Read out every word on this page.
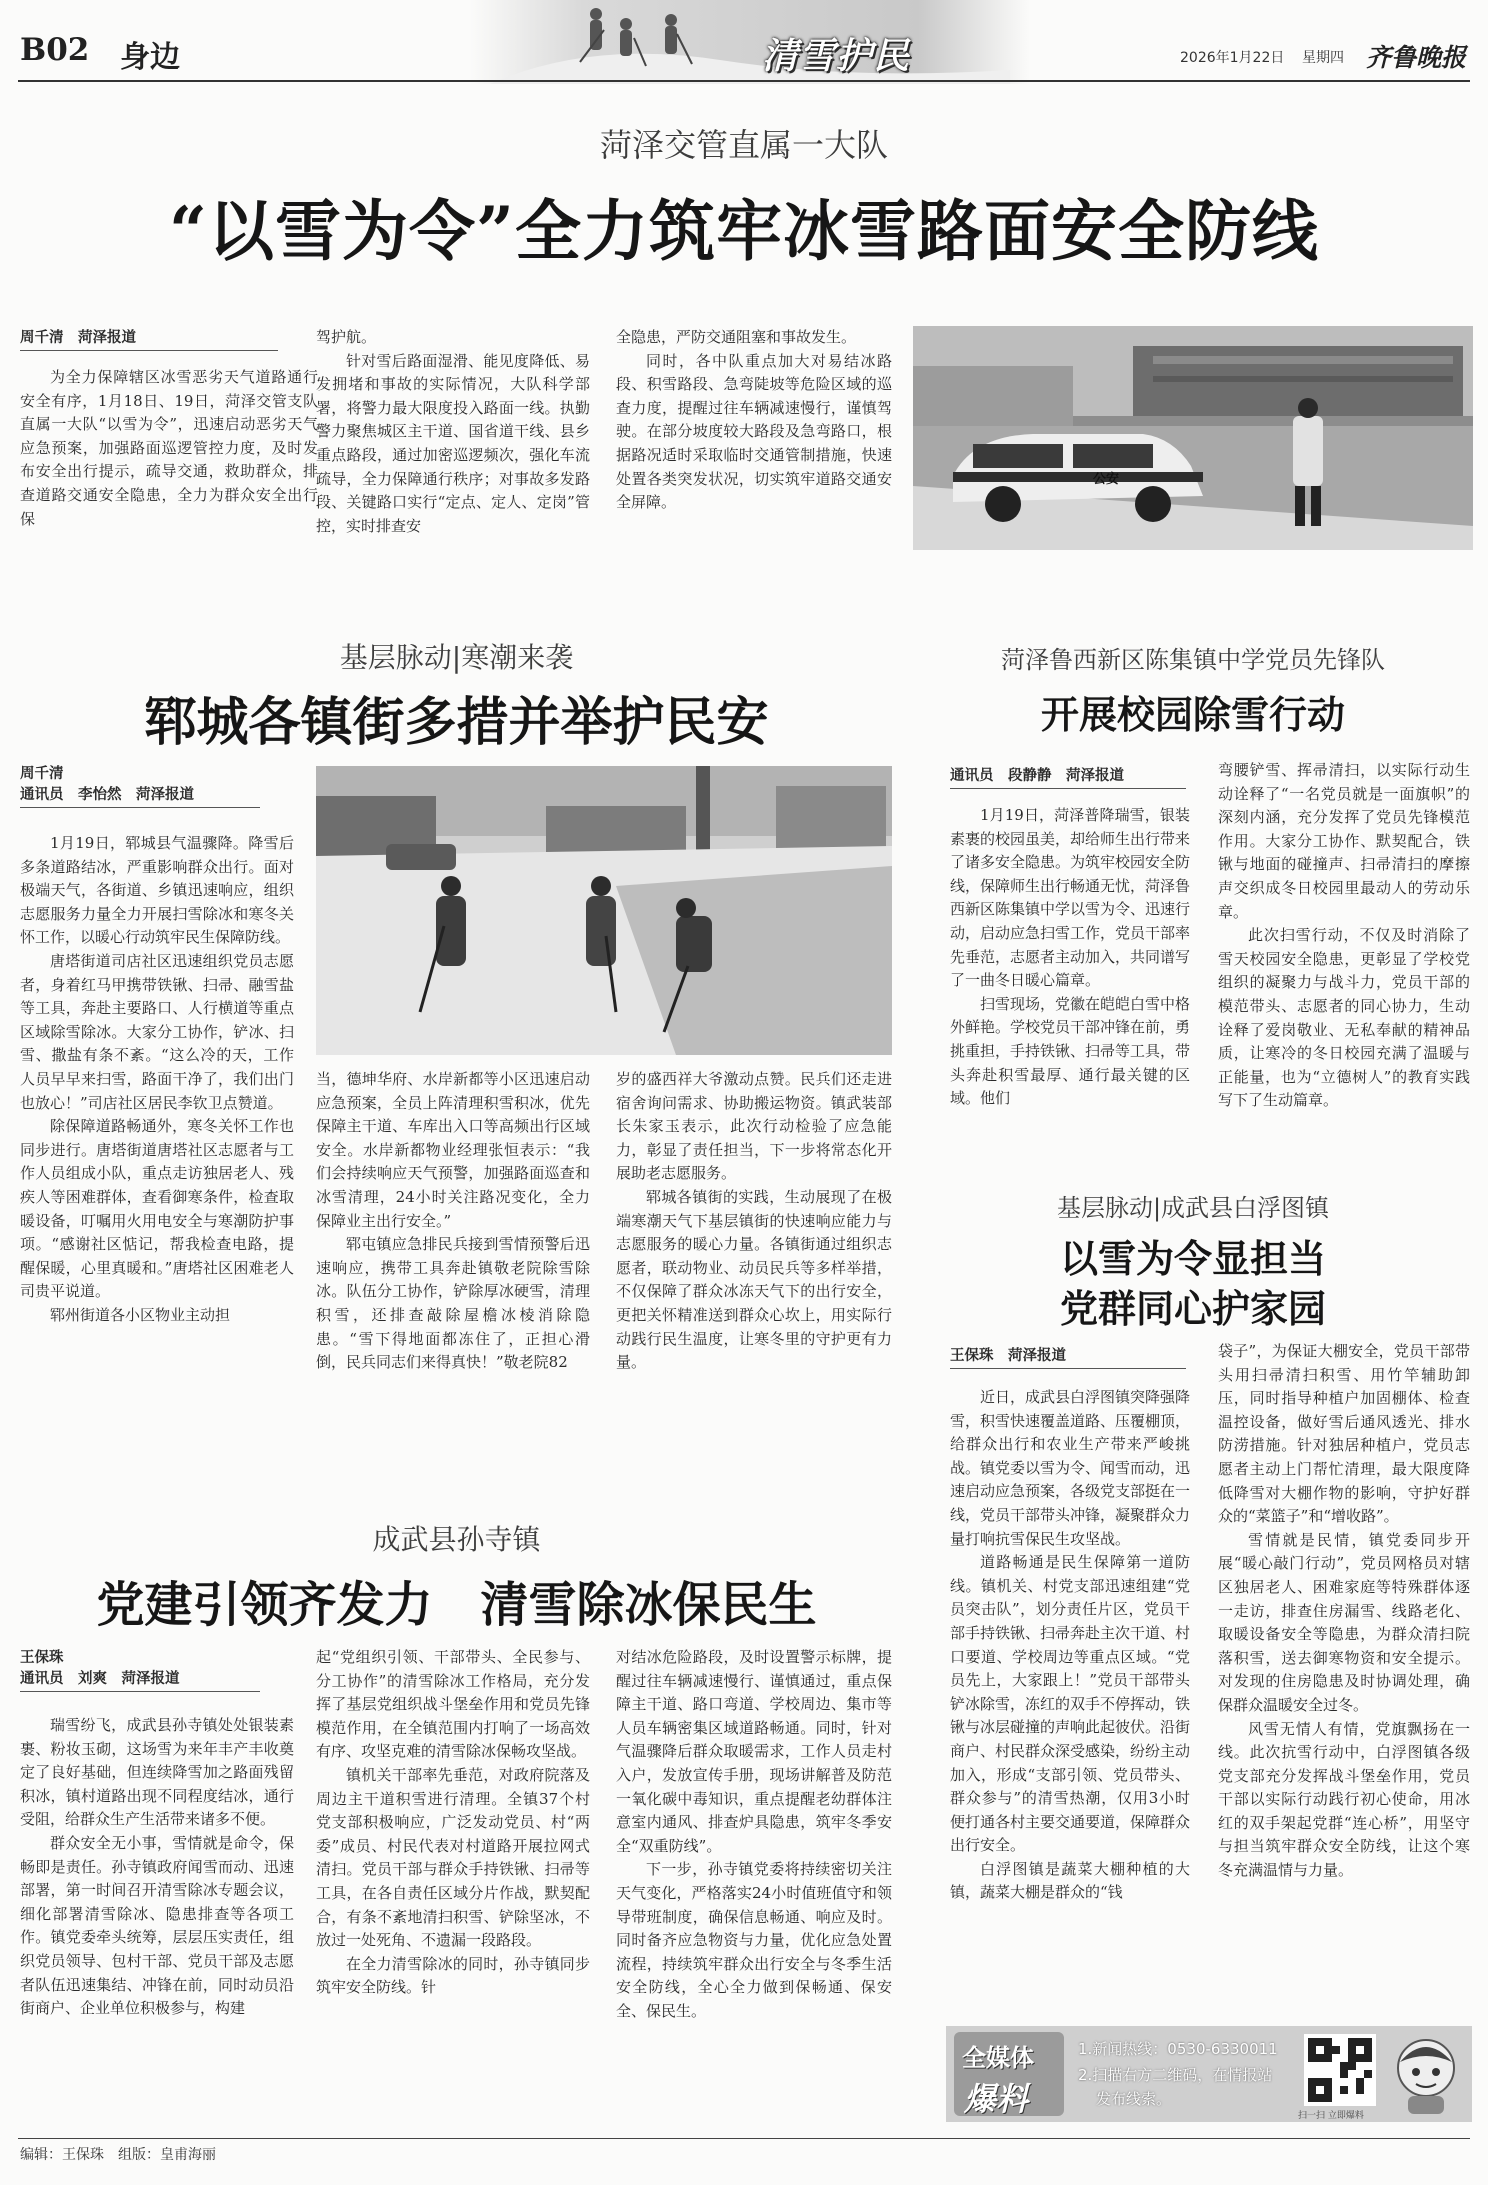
B02 身边	清雪护民	2026年1月22日 星期四 齐鲁晚报
菏泽交管直属一大队
“以雪为令”全力筑牢冰雪路面安全防线
周千清　菏泽报道

为全力保障辖区冰雪恶劣天气道路通行安全有序，1月18日、19日，菏泽交管支队直属一大队“以雪为令”，迅速启动恶劣天气应急预案，加强路面巡逻管控力度，及时发布安全出行提示，疏导交通，救助群众，排查道路交通安全隐患，全力为群众安全出行保

驾护航。

针对雪后路面湿滑、能见度降低、易发拥堵和事故的实际情况，大队科学部署，将警力最大限度投入路面一线。执勤警力聚焦城区主干道、国省道干线、县乡重点路段，通过加密巡逻频次，强化车流疏导，全力保障通行秩序；对事故多发路段、关键路口实行“定点、定人、定岗”管控，实时排查安

全隐患，严防交通阻塞和事故发生。

同时，各中队重点加大对易结冰路段、积雪路段、急弯陡坡等危险区域的巡查力度，提醒过往车辆减速慢行，谨慎驾驶。在部分坡度较大路段及急弯路口，根据路况适时采取临时交通管制措施，快速处置各类突发状况，切实筑牢道路交通安全屏障。

公安
基层脉动|寒潮来袭
郓城各镇街多措并举护民安
周千清
通讯员　李怡然　菏泽报道

1月19日，郓城县气温骤降。降雪后多条道路结冰，严重影响群众出行。面对极端天气，各街道、乡镇迅速响应，组织志愿服务力量全力开展扫雪除冰和寒冬关怀工作，以暖心行动筑牢民生保障防线。

唐塔街道司店社区迅速组织党员志愿者，身着红马甲携带铁锹、扫帚、融雪盐等工具，奔赴主要路口、人行横道等重点区域除雪除冰。大家分工协作，铲冰、扫雪、撒盐有条不紊。“这么冷的天，工作人员早早来扫雪，路面干净了，我们出门也放心！”司店社区居民李钦卫点赞道。

除保障道路畅通外，寒冬关怀工作也同步进行。唐塔街道唐塔社区志愿者与工作人员组成小队，重点走访独居老人、残疾人等困难群体，查看御寒条件，检查取暖设备，叮嘱用火用电安全与寒潮防护事项。“感谢社区惦记，帮我检查电路，提醒保暖，心里真暖和。”唐塔社区困难老人司贵平说道。

郓州街道各小区物业主动担

当，德坤华府、水岸新都等小区迅速启动应急预案，全员上阵清理积雪积冰，优先保障主干道、车库出入口等高频出行区域安全。水岸新都物业经理张恒表示：“我们会持续响应天气预警，加强路面巡查和冰雪清理，24小时关注路况变化，全力保障业主出行安全。”

郓屯镇应急排民兵接到雪情预警后迅速响应，携带工具奔赴镇敬老院除雪除冰。队伍分工协作，铲除厚冰硬雪，清理积雪，还排查敲除屋檐冰棱消除隐患。“雪下得地面都冻住了，正担心滑倒，民兵同志们来得真快！”敬老院82

岁的盛西祥大爷激动点赞。民兵们还走进宿舍询问需求、协助搬运物资。镇武装部长朱家玉表示，此次行动检验了应急能力，彰显了责任担当，下一步将常态化开展助老志愿服务。

郓城各镇街的实践，生动展现了在极端寒潮天气下基层镇街的快速响应能力与志愿服务的暖心力量。各镇街通过组织志愿者，联动物业、动员民兵等多样举措，不仅保障了群众冰冻天气下的出行安全，更把关怀精准送到群众心坎上，用实际行动践行民生温度，让寒冬里的守护更有力量。

菏泽鲁西新区陈集镇中学党员先锋队
开展校园除雪行动
通讯员　段静静　菏泽报道

1月19日，菏泽普降瑞雪，银装素裹的校园虽美，却给师生出行带来了诸多安全隐患。为筑牢校园安全防线，保障师生出行畅通无忧，菏泽鲁西新区陈集镇中学以雪为令、迅速行动，启动应急扫雪工作，党员干部率先垂范，志愿者主动加入，共同谱写了一曲冬日暖心篇章。

扫雪现场，党徽在皑皑白雪中格外鲜艳。学校党员干部冲锋在前，勇挑重担，手持铁锹、扫帚等工具，带头奔赴积雪最厚、通行最关键的区域。他们

弯腰铲雪、挥帚清扫，以实际行动生动诠释了“一名党员就是一面旗帜”的深刻内涵，充分发挥了党员先锋模范作用。大家分工协作、默契配合，铁锹与地面的碰撞声、扫帚清扫的摩擦声交织成冬日校园里最动人的劳动乐章。

此次扫雪行动，不仅及时消除了雪天校园安全隐患，更彰显了学校党组织的凝聚力与战斗力，党员干部的模范带头、志愿者的同心协力，生动诠释了爱岗敬业、无私奉献的精神品质，让寒冷的冬日校园充满了温暖与正能量，也为“立德树人”的教育实践写下了生动篇章。

基层脉动|成武县白浮图镇
以雪为令显担当
党群同心护家园
王保珠　菏泽报道

近日，成武县白浮图镇突降强降雪，积雪快速覆盖道路、压覆棚顶，给群众出行和农业生产带来严峻挑战。镇党委以雪为令、闻雪而动，迅速启动应急预案，各级党支部挺在一线，党员干部带头冲锋，凝聚群众力量打响抗雪保民生攻坚战。

道路畅通是民生保障第一道防线。镇机关、村党支部迅速组建“党员突击队”，划分责任片区，党员干部手持铁锹、扫帚奔赴主次干道、村口要道、学校周边等重点区域。“党员先上，大家跟上！”党员干部带头铲冰除雪，冻红的双手不停挥动，铁锹与冰层碰撞的声响此起彼伏。沿街商户、村民群众深受感染，纷纷主动加入，形成“支部引领、党员带头、群众参与”的清雪热潮，仅用3小时便打通各村主要交通要道，保障群众出行安全。

白浮图镇是蔬菜大棚种植的大镇，蔬菜大棚是群众的“钱

袋子”，为保证大棚安全，党员干部带头用扫帚清扫积雪、用竹竿辅助卸压，同时指导种植户加固棚体、检查温控设备，做好雪后通风透光、排水防涝措施。针对独居种植户，党员志愿者主动上门帮忙清理，最大限度降低降雪对大棚作物的影响，守护好群众的“菜篮子”和“增收路”。

雪情就是民情，镇党委同步开展“暖心敲门行动”，党员网格员对辖区独居老人、困难家庭等特殊群体逐一走访，排查住房漏雪、线路老化、取暖设备安全等隐患，为群众清扫院落积雪，送去御寒物资和安全提示。对发现的住房隐患及时协调处理，确保群众温暖安全过冬。

风雪无情人有情，党旗飘扬在一线。此次抗雪行动中，白浮图镇各级党支部充分发挥战斗堡垒作用，党员干部以实际行动践行初心使命，用冰红的双手架起党群“连心桥”，用坚守与担当筑牢群众安全防线，让这个寒冬充满温情与力量。

成武县孙寺镇
党建引领齐发力　清雪除冰保民生
王保珠
通讯员　刘爽　菏泽报道

瑞雪纷飞，成武县孙寺镇处处银装素裹、粉妆玉砌，这场雪为来年丰产丰收奠定了良好基础，但连续降雪加之路面残留积冰，镇村道路出现不同程度结冰，通行受阻，给群众生产生活带来诸多不便。

群众安全无小事，雪情就是命令，保畅即是责任。孙寺镇政府闻雪而动、迅速部署，第一时间召开清雪除冰专题会议，细化部署清雪除冰、隐患排查等各项工作。镇党委牵头统筹，层层压实责任，组织党员领导、包村干部、党员干部及志愿者队伍迅速集结、冲锋在前，同时动员沿街商户、企业单位积极参与，构建

起“党组织引领、干部带头、全民参与、分工协作”的清雪除冰工作格局，充分发挥了基层党组织战斗堡垒作用和党员先锋模范作用，在全镇范围内打响了一场高效有序、攻坚克难的清雪除冰保畅攻坚战。

镇机关干部率先垂范，对政府院落及周边主干道积雪进行清理。全镇37个村党支部积极响应，广泛发动党员、村“两委”成员、村民代表对村道路开展拉网式清扫。党员干部与群众手持铁锹、扫帚等工具，在各自责任区域分片作战，默契配合，有条不紊地清扫积雪、铲除坚冰，不放过一处死角、不遗漏一段路段。

在全力清雪除冰的同时，孙寺镇同步筑牢安全防线。针

对结冰危险路段，及时设置警示标牌，提醒过往车辆减速慢行、谨慎通过，重点保障主干道、路口弯道、学校周边、集市等人员车辆密集区域道路畅通。同时，针对气温骤降后群众取暖需求，工作人员走村入户，发放宣传手册，现场讲解普及防范一氧化碳中毒知识，重点提醒老幼群体注意室内通风、排查炉具隐患，筑牢冬季安全“双重防线”。

下一步，孙寺镇党委将持续密切关注天气变化，严格落实24小时值班值守和领导带班制度，确保信息畅通、响应及时。同时备齐应急物资与力量，优化应急处置流程，持续筑牢群众出行安全与冬季生活安全防线，全心全力做到保畅通、保安全、保民生。

全媒体
爆料
1.新闻热线：0530-6330011
2.扫描右方二维码，在情报站
发布线索。
扫一扫 立即爆料
编辑：王保珠　组版：皇甫海丽
